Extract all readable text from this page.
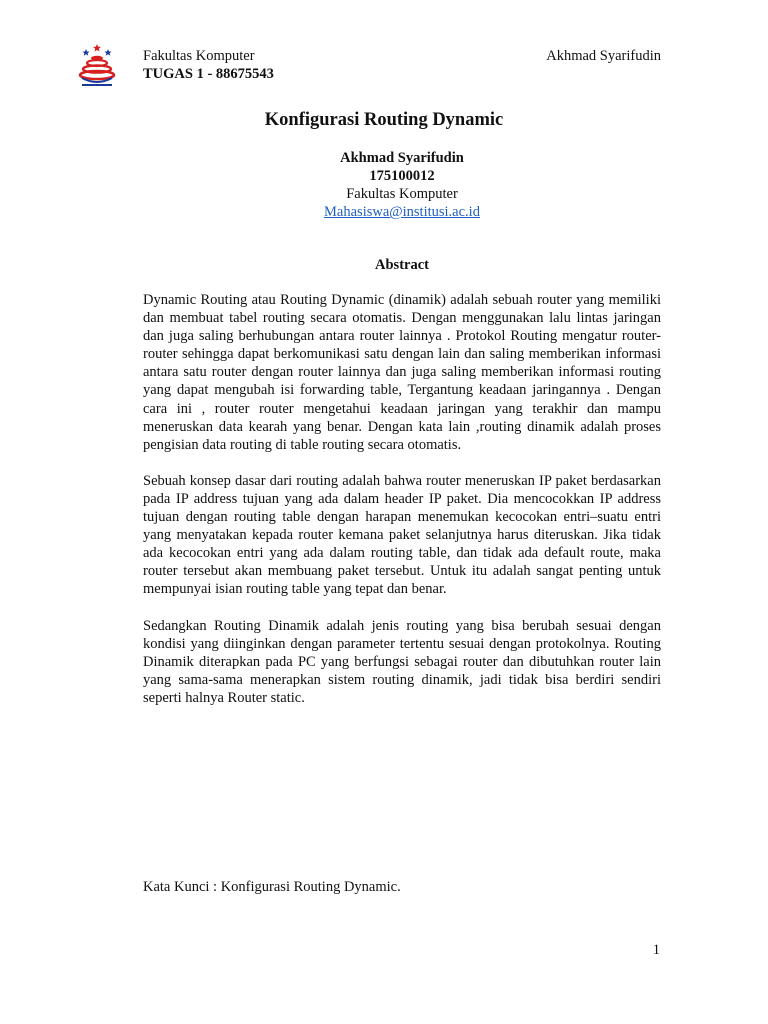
Fakultas Komputer
TUGAS 1 - 88675543
Akhmad Syarifudin
Konfigurasi Routing Dynamic
Akhmad Syarifudin
175100012
Fakultas Komputer
Mahasiswa@institusi.ac.id
Abstract

Dynamic Routing atau Routing Dynamic (dinamik) adalah sebuah router yang memiliki dan membuat tabel routing secara otomatis. Dengan menggunakan lalu lintas jaringan dan juga saling berhubungan antara router lainnya . Protokol Routing mengatur router-router sehingga dapat berkomunikasi satu dengan lain dan saling memberikan informasi antara satu router dengan router lainnya dan juga saling memberikan informasi routing yang dapat mengubah isi forwarding table, Tergantung keadaan jaringannya . Dengan cara ini , router router mengetahui keadaan jaringan yang terakhir dan mampu meneruskan data kearah yang benar. Dengan kata lain ,routing dinamik adalah proses pengisian data routing di table routing secara otomatis.

Sebuah konsep dasar dari routing adalah bahwa router meneruskan IP paket berdasarkan pada IP address tujuan yang ada dalam header IP paket. Dia mencocokkan IP address tujuan dengan routing table dengan harapan menemukan kecocokan entri–suatu entri yang menyatakan kepada router kemana paket selanjutnya harus diteruskan. Jika tidak ada kecocokan entri yang ada dalam routing table, dan tidak ada default route, maka router tersebut akan membuang paket tersebut. Untuk itu adalah sangat penting untuk mempunyai isian routing table yang tepat dan benar.

Sedangkan Routing Dinamik adalah jenis routing yang bisa berubah sesuai dengan kondisi yang diinginkan dengan parameter tertentu sesuai dengan protokolnya. Routing Dinamik diterapkan pada PC yang berfungsi sebagai router dan dibutuhkan router lain yang sama-sama menerapkan sistem routing dinamik, jadi tidak bisa berdiri sendiri seperti halnya Router static.

Kata Kunci : Konfigurasi Routing Dynamic.
1
